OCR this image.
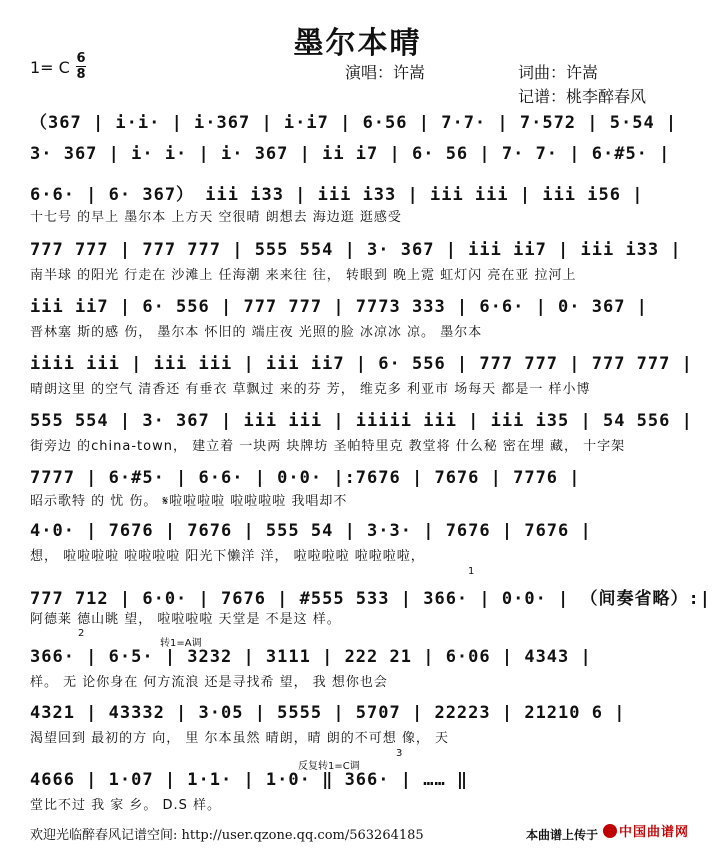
墨尔本晴
1= C 6
8	演唱：许嵩	词曲：许嵩
记谱：桃李醉春风
（367 | i·i· | i·367 | i·i7 | 6·56 | 7·7· | 7·572 | 5·54 |
3· 367 | i· i· | i· 367 | ii i7 | 6· 56 | 7· 7· | 6·#5· |
6·6· | 6· 367） iii i33 | iii i33 | iii iii | iii i56 |
十七号 的早上 墨尔本 上方天 空很晴 朗想去 海边逛 逛感受
777 777 | 777 777 | 555 554 | 3· 367 | iii ii7 | iii i33 |
南半球 的阳光 行走在 沙滩上 任海潮 来来往 往， 转眼到 晚上霓 虹灯闪 亮在亚 拉河上
iii ii7 | 6· 556 | 777 777 | 7773 333 | 6·6· | 0· 367 |
晋林塞 斯的感 伤， 墨尔本 怀旧的 端庄夜 光照的脸 冰凉冰 凉。 墨尔本
iiii iii | iii iii | iii ii7 | 6· 556 | 777 777 | 777 777 |
晴朗这里 的空气 清香还 有垂衣 草飘过 来的芬 芳， 维克多 利亚市 场每天 都是一 样小博
555 554 | 3· 367 | iii iii | iiiii iii | iii i35 | 54 556 |
街旁边 的china-town， 建立着 一块两 块牌坊 圣帕特里克 教堂将 什么秘 密在埋 藏， 十字架
7777 | 6·#5· | 6·6· | 0·0· |:7676 | 7676 | 7776 |
昭示歌特 的 忧 伤。 𝄋啦啦啦啦 啦啦啦啦 我唱却不
4·0· | 7676 | 7676 | 555 54 | 3·3· | 7676 | 7676 |
想， 啦啦啦啦 啦啦啦啦 阳光下懒洋 洋， 啦啦啦啦 啦啦啦啦，
1
777 712 | 6·0· | 7676 | #555 533 | 366· | 0·0· | （间奏省略）:|
阿德莱 德山眺 望， 啦啦啦啦 天堂是 不是这 样。
2
转1=A调
366· | 6·5· | 3232 | 3111 | 222 21 | 6·06 | 4343 |
样。 无 论你身在 何方流浪 还是寻找希 望， 我 想你也会
4321 | 43332 | 3·05 | 5555 | 5707 | 22223 | 21210 6 |
渴望回到 最初的方 向， 里 尔本虽然 晴朗，晴 朗的不可想 像， 天
反复转1=C调
3
4666 | 1·07 | 1·1· | 1·0· ‖ 366· | …… ‖
堂比不过 我 家 乡。 D.S 样。
欢迎光临醉春风记谱空间: http://user.qzone.qq.com/563264185	本曲谱上传于	中国曲谱网
